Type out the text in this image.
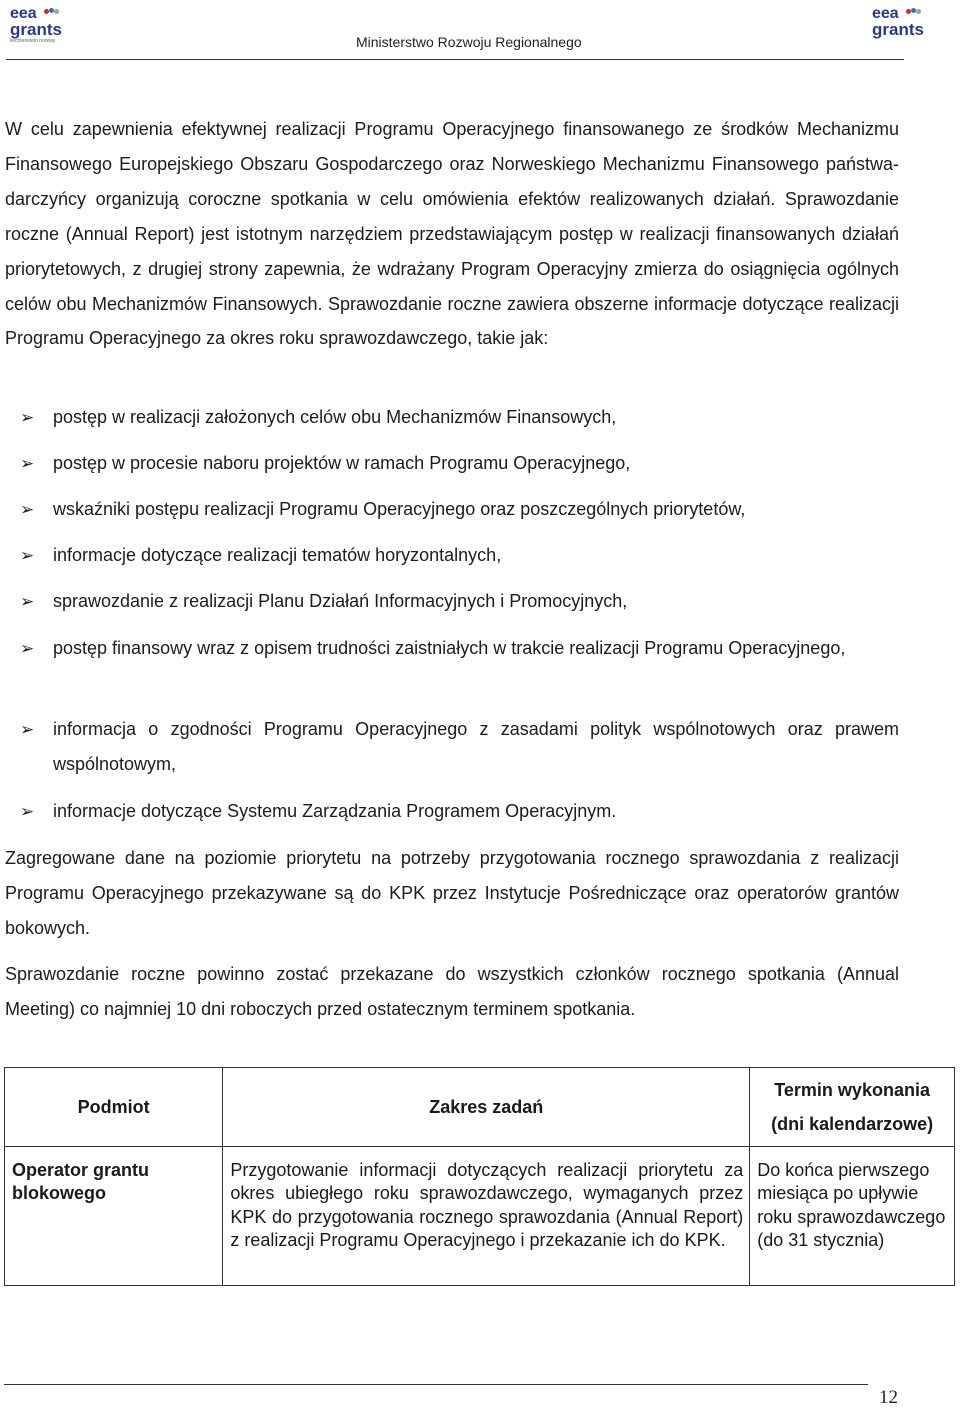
eea
grants
liechtenstein norway
eea
grants
Ministerstwo Rozwoju Regionalnego
W celu zapewnienia efektywnej realizacji Programu Operacyjnego finansowanego ze środków Mechanizmu Finansowego Europejskiego Obszaru Gospodarczego oraz Norweskiego Mechanizmu Finansowego państwa-darczyńcy organizują coroczne spotkania w celu omówienia efektów realizowanych działań. Sprawozdanie roczne (Annual Report) jest istotnym narzędziem przedstawiającym postęp w realizacji finansowanych działań priorytetowych, z drugiej strony zapewnia, że wdrażany Program Operacyjny zmierza do osiągnięcia ogólnych celów obu Mechanizmów Finansowych. Sprawozdanie roczne zawiera obszerne informacje dotyczące realizacji Programu Operacyjnego za okres roku sprawozdawczego, takie jak:
➢ postęp w realizacji założonych celów obu Mechanizmów Finansowych,
➢ postęp w procesie naboru projektów w ramach Programu Operacyjnego,
➢ wskaźniki postępu realizacji Programu Operacyjnego oraz poszczególnych priorytetów,
➢ informacje dotyczące realizacji tematów horyzontalnych,
➢ sprawozdanie z realizacji Planu Działań Informacyjnych i Promocyjnych,
➢ postęp finansowy wraz z opisem trudności zaistniałych w trakcie realizacji Programu Operacyjnego,
➢ informacja o zgodności Programu Operacyjnego z zasadami polityk wspólnotowych oraz prawem wspólnotowym,
➢ informacje dotyczące Systemu Zarządzania Programem Operacyjnym.
Zagregowane dane na poziomie priorytetu na potrzeby przygotowania rocznego sprawozdania z realizacji Programu Operacyjnego przekazywane są do KPK przez Instytucje Pośredniczące oraz operatorów grantów bokowych.
Sprawozdanie roczne powinno zostać przekazane do wszystkich członków rocznego spotkania (Annual Meeting) co najmniej 10 dni roboczych przed ostatecznym terminem spotkania.
Podmiot	Zakres zadań	Termin wykonania (dni kalendarzowe)
Operator grantu blokowego	Przygotowanie informacji dotyczących realizacji priorytetu za okres ubiegłego roku sprawozdawczego, wymaganych przez KPK do przygotowania rocznego sprawozdania (Annual Report) z realizacji Programu Operacyjnego i przekazanie ich do KPK.	Do końca pierwszego miesiąca po upływie roku sprawozdawczego (do 31 stycznia)
12
